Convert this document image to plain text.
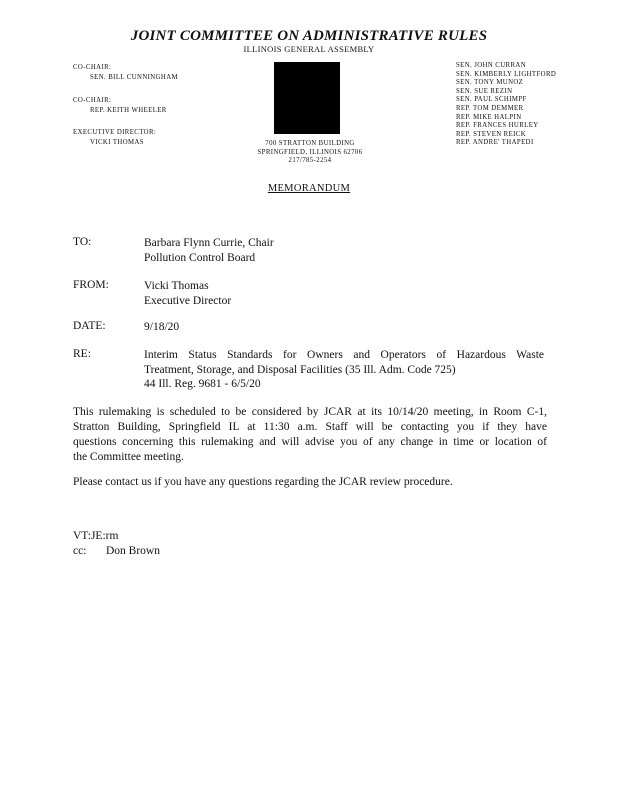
JOINT COMMITTEE ON ADMINISTRATIVE RULES
ILLINOIS GENERAL ASSEMBLY
CO-CHAIR:
SEN. BILL CUNNINGHAM
CO-CHAIR:
REP. KEITH WHEELER
EXECUTIVE DIRECTOR:
VICKI THOMAS	700 STRATTON BUILDING
SPRINGFIELD, ILLINOIS 62706
217/785-2254
SEN. JOHN CURRAN
SEN. KIMBERLY LIGHTFORD
SEN. TONY MUNOZ
SEN. SUE REZIN
SEN. PAUL SCHIMPF
REP. TOM DEMMER
REP. MIKE HALPIN
REP. FRANCES HURLEY
REP. STEVEN REICK
REP. ANDRE' THAPEDI
MEMORANDUM
TO:	Barbara Flynn Currie, Chair
Pollution Control Board
FROM:	Vicki Thomas
Executive Director
DATE:	9/18/20
RE:	Interim Status Standards for Owners and Operators of Hazardous Waste
Treatment, Storage, and Disposal Facilities (35 Ill. Adm. Code 725)
44 Ill. Reg. 9681 - 6/5/20
This rulemaking is scheduled to be considered by JCAR at its 10/14/20 meeting, in Room C-1,
Stratton Building, Springfield IL at 11:30 a.m. Staff will be contacting you if they have
questions concerning this rulemaking and will advise you of any change in time or location of
the Committee meeting.
Please contact us if you have any questions regarding the JCAR review procedure.
VT:JE:rm
cc: Don Brown
